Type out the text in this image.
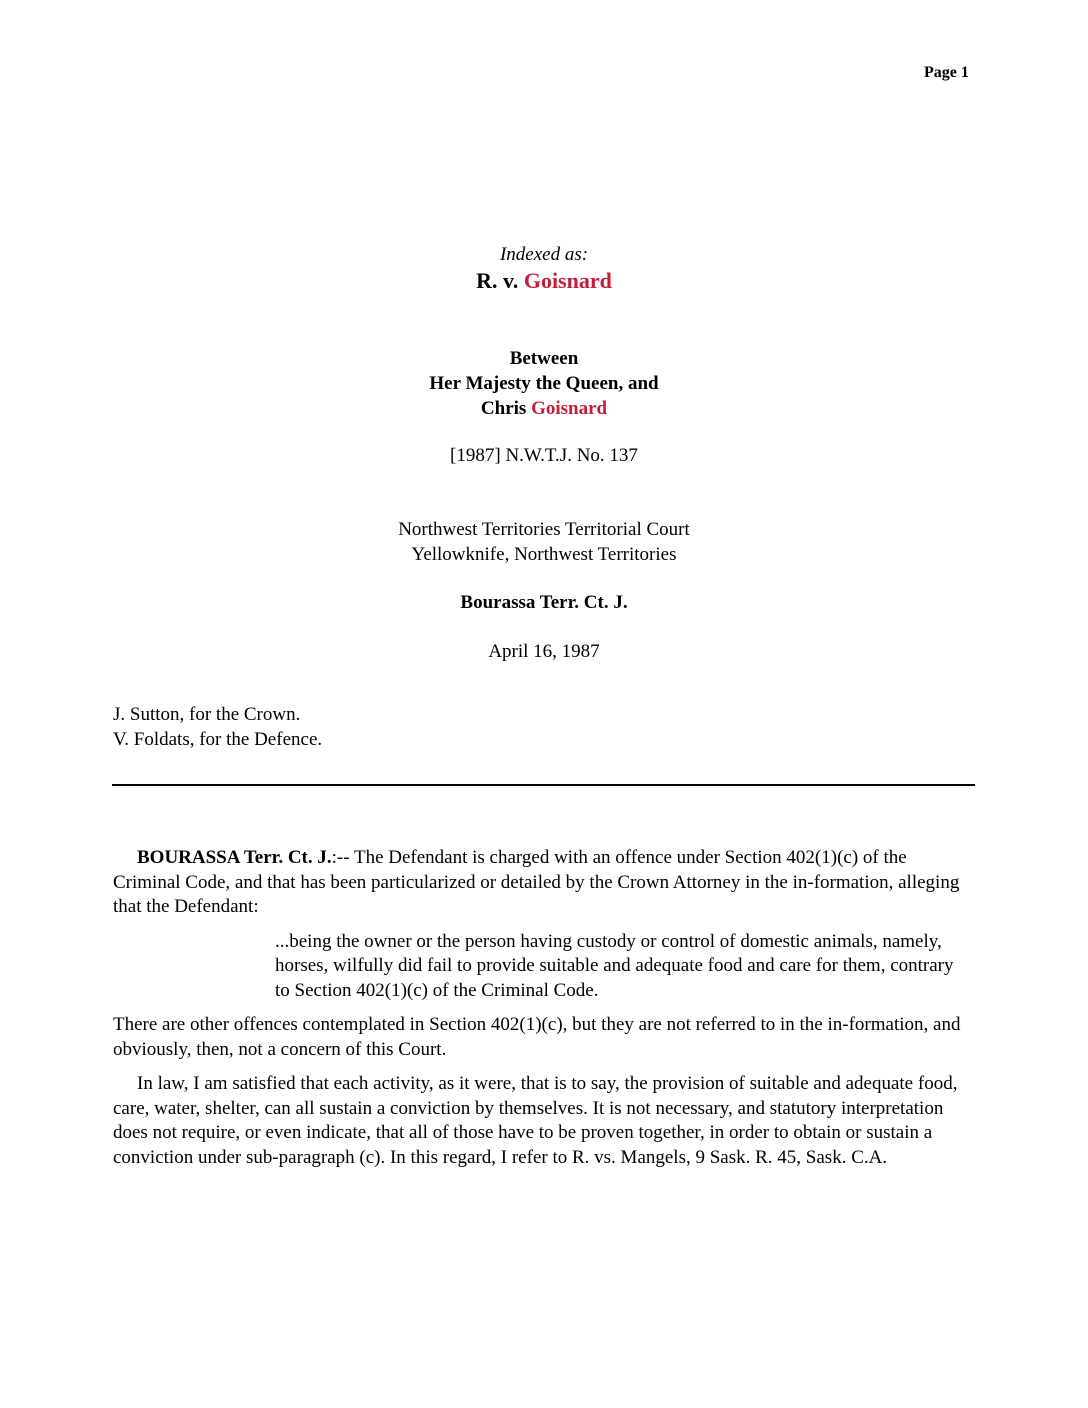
Page 1
Indexed as:
R. v. Goisnard
Between
Her Majesty the Queen, and
Chris Goisnard
[1987] N.W.T.J. No. 137
Northwest Territories Territorial Court
Yellowknife, Northwest Territories
Bourassa Terr. Ct. J.
April 16, 1987
J. Sutton, for the Crown.
V. Foldats, for the Defence.

BOURASSA Terr. Ct. J.:-- The Defendant is charged with an offence under Section 402(1)(c) of the Criminal Code, and that has been particularized or detailed by the Crown Attorney in the in-formation, alleging that the Defendant:

...being the owner or the person having custody or control of domestic animals, namely, horses, wilfully did fail to provide suitable and adequate food and care for them, contrary to Section 402(1)(c) of the Criminal Code.

There are other offences contemplated in Section 402(1)(c), but they are not referred to in the in-formation, and obviously, then, not a concern of this Court.

In law, I am satisfied that each activity, as it were, that is to say, the provision of suitable and adequate food, care, water, shelter, can all sustain a conviction by themselves. It is not necessary, and statutory interpretation does not require, or even indicate, that all of those have to be proven together, in order to obtain or sustain a conviction under sub-paragraph (c). In this regard, I refer to R. vs. Mangels, 9 Sask. R. 45, Sask. C.A.
